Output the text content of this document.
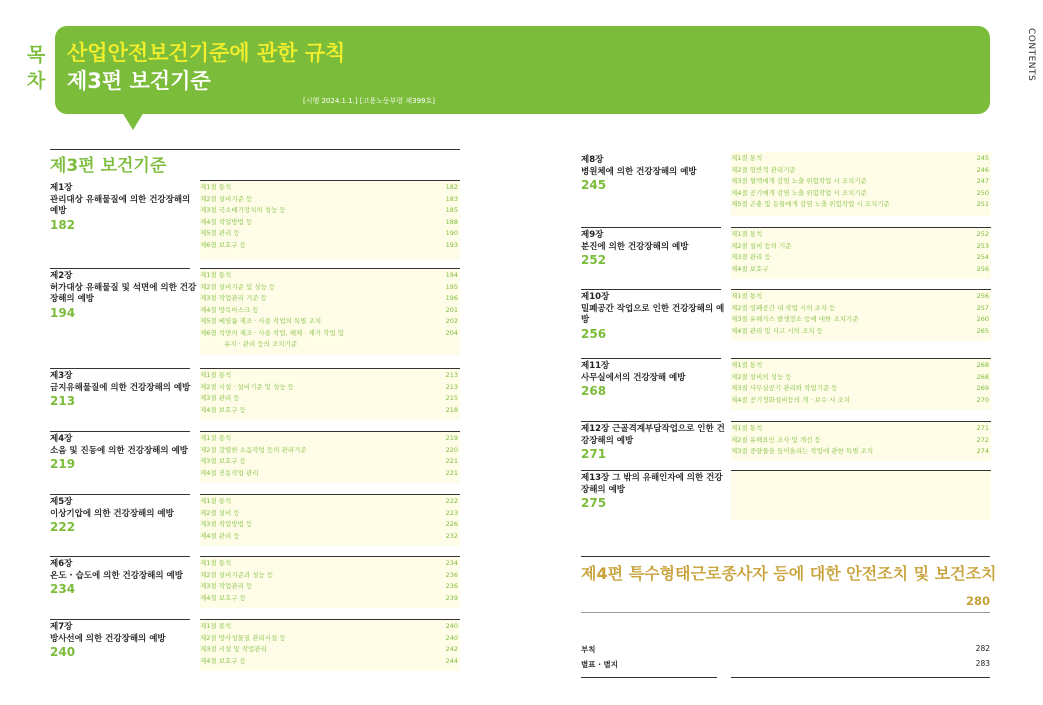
목
차
산업안전보건기준에 관한 규칙
제3편 보건기준
[시행 2024.1.1.] [고용노동부령 제399호]
CONTENTS
제3편 보건기준
제1절 통칙	182
제2절 설비기준 등	183
제3절 국소배기장치의 성능 등	185
제4절 작업방법 등	188
제5절 관리 등	190
제6절 보호구 등	193
제1장
관리대상 유해물질에 의한 건강장해의 예방
182
제1절 통칙	194
제2절 설비기준 및 성능 등	195
제3절 작업관리 기준 등	196
제4절 방독마스크 등	201
제5절 베릴륨 제조 · 사용 작업의 특별 조치	202
제6절 석면의 제조 · 사용 작업, 해체 · 제거 작업 및	204
유지 · 관리 등의 조치기준
제2장
허가대상 유해물질 및 석면에 의한 건강장해의 예방
194
제1절 통칙	213
제2절 시설 · 설비기준 및 성능 등	213
제3절 관리 등	215
제4절 보호구 등	218
제3장
금지유해물질에 의한 건강장해의 예방
213
제1절 통칙	219
제2절 강렬한 소음작업 등의 관리기준	220
제3절 보호구 등	221
제4절 진동작업 관리	221
제4장
소음 및 진동에 의한 건강장해의 예방
219
제1절 통칙	222
제2절 설비 등	223
제3절 작업방법 등	226
제4절 관리 등	232
제5장
이상기압에 의한 건강장해의 예방
222
제1절 통칙	234
제2절 설비기준과 성능 등	236
제3절 작업관리 등	236
제4절 보호구 등	239
제6장
온도 · 습도에 의한 건강장해의 예방
234
제1절 통칙	240
제2절 방사성물질 관리시설 등	240
제3절 시설 및 작업관리	242
제4절 보호구 등	244
제7장
방사선에 의한 건강장해의 예방
240
제1절 통칙	245
제2절 일반적 관리기준	246
제3절 혈액매개 감염 노출 위험작업 시 조치기준	247
제4절 공기매개 감염 노출 위험작업 시 조치기준	250
제5절 곤충 및 동물매개 감염 노출 위험작업 시 조치기준	251
제8장
병원체에 의한 건강장해의 예방
245
제1절 통칙	252
제2절 설비 등의 기준	253
제3절 관리 등	254
제4절 보호구	256
제9장
분진에 의한 건강장해의 예방
252
제1절 통칙	256
제2절 밀폐공간 내 작업 시의 조치 등	257
제3절 유해가스 발생장소 등에 대한 조치기준	260
제4절 관리 및 사고 시의 조치 등	265
제10장
밀폐공간 작업으로 인한 건강장해의 예방
256
제1절 통칙	268
제2절 설비의 성능 등	268
제3절 사무실공기 관리와 작업기준 등	269
제4절 공기정화설비등의 개 · 보수 시 조치	270
제11장
사무실에서의 건강장해 예방
268
제1절 통칙	271
제2절 유해요인 조사 및 개선 등	272
제3절 중량물을 들어올리는 작업에 관한 특별 조치	274
제12장 근골격계부담작업으로 인한 건강장해의 예방
271
제13장 그 밖의 유해인자에 의한 건강장해의 예방
275
제4편 특수형태근로종사자 등에 대한 안전조치 및 보건조치
280
부칙	282
별표 · 별지	283
